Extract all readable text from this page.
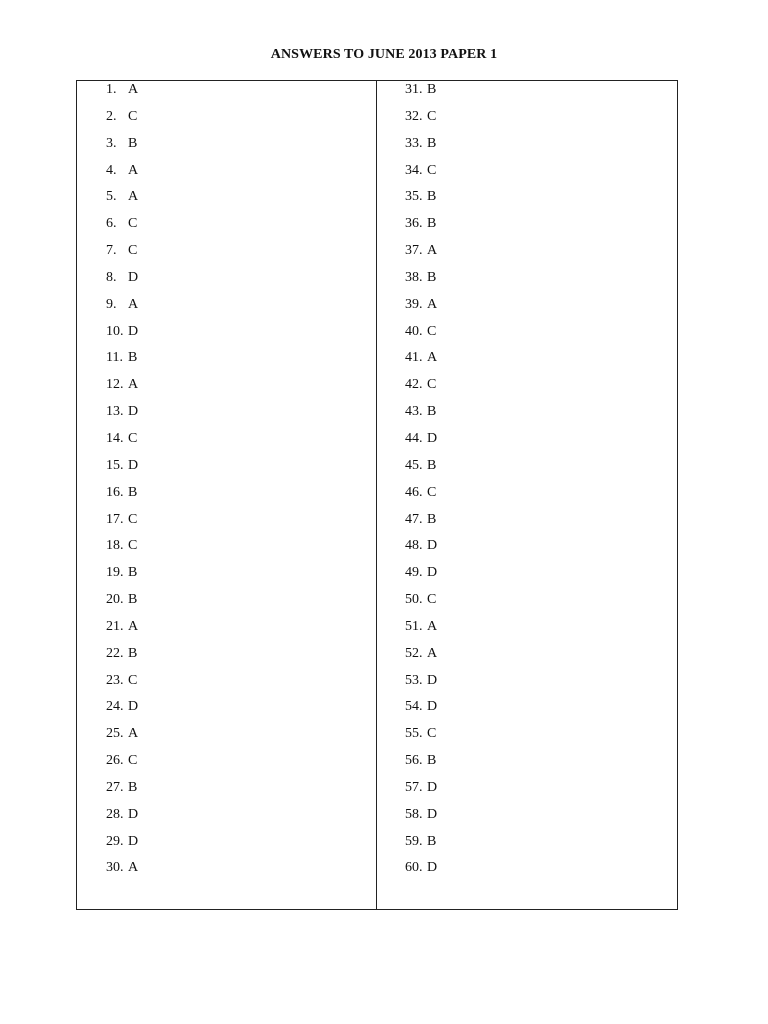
ANSWERS TO JUNE 2013 PAPER 1
1. A
2. C
3. B
4. A
5. A
6. C
7. C
8. D
9. A
10. D
11. B
12. A
13. D
14. C
15. D
16. B
17. C
18. C
19. B
20. B
21. A
22. B
23. C
24. D
25. A
26. C
27. B
28. D
29. D
30. A
31. B
32. C
33. B
34. C
35. B
36. B
37. A
38. B
39. A
40. C
41. A
42. C
43. B
44. D
45. B
46. C
47. B
48. D
49. D
50. C
51. A
52. A
53. D
54. D
55. C
56. B
57. D
58. D
59. B
60. D
